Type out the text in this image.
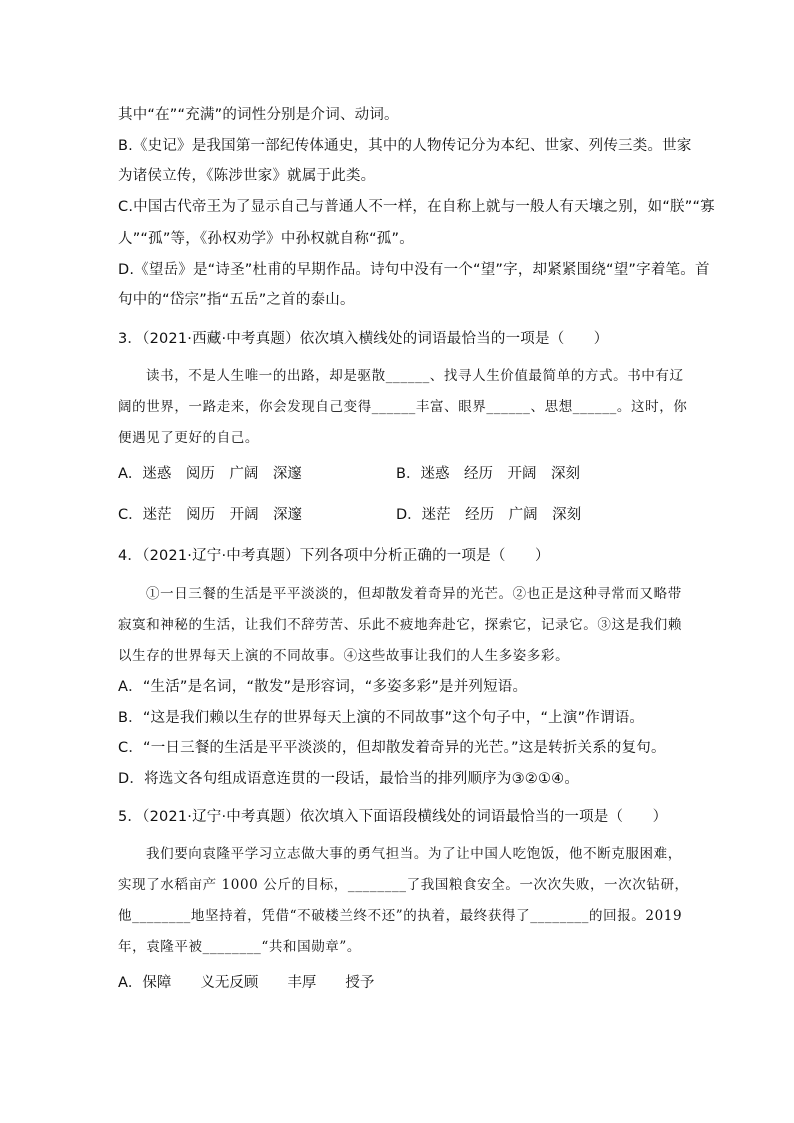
其中“在”“充满”的词性分别是介词、动词。
B.《史记》是我国第一部纪传体通史，其中的人物传记分为本纪、世家、列传三类。世家
为诸侯立传，《陈涉世家》就属于此类。
C.中国古代帝王为了显示自己与普通人不一样，在自称上就与一般人有天壤之别，如“朕”“寡
人”“孤”等，《孙权劝学》中孙权就自称“孤”。
D.《望岳》是“诗圣”杜甫的早期作品。诗句中没有一个“望”字，却紧紧围绕“望”字着笔。首
句中的“岱宗”指“五岳”之首的泰山。
3．（2021·西藏·中考真题）依次填入横线处的词语最恰当的一项是（　　）
读书，不是人生唯一的出路，却是驱散______、找寻人生价值最简单的方式。书中有辽
阔的世界，一路走来，你会发现自己变得______丰富、眼界______、思想______。这时，你
便遇见了更好的自己。
A．迷惑　阅历　广阔　深邃	B．迷惑　经历　开阔　深刻
C．迷茫　阅历　开阔　深邃	D．迷茫　经历　广阔　深刻
4．（2021·辽宁·中考真题）下列各项中分析正确的一项是（　　）
①一日三餐的生活是平平淡淡的，但却散发着奇异的光芒。②也正是这种寻常而又略带
寂寞和神秘的生活，让我们不辞劳苦、乐此不疲地奔赴它，探索它，记录它。③这是我们赖
以生存的世界每天上演的不同故事。④这些故事让我们的人生多姿多彩。
A．“生活”是名词，“散发”是形容词，“多姿多彩”是并列短语。
B．“这是我们赖以生存的世界每天上演的不同故事”这个句子中，“上演”作谓语。
C．“一日三餐的生活是平平淡淡的，但却散发着奇异的光芒。”这是转折关系的复句。
D．将选文各句组成语意连贯的一段话，最恰当的排列顺序为③②①④。
5．（2021·辽宁·中考真题）依次填入下面语段横线处的词语最恰当的一项是（　　）
我们要向袁隆平学习立志做大事的勇气担当。为了让中国人吃饱饭，他不断克服困难，
实现了水稻亩产 1000 公斤的目标，________了我国粮食安全。一次次失败，一次次钻研，
他________地坚持着，凭借“不破楼兰终不还”的执着，最终获得了________的回报。2019
年，袁隆平被________“共和国勋章”。
A．保障　　义无反顾　　丰厚　　授予
